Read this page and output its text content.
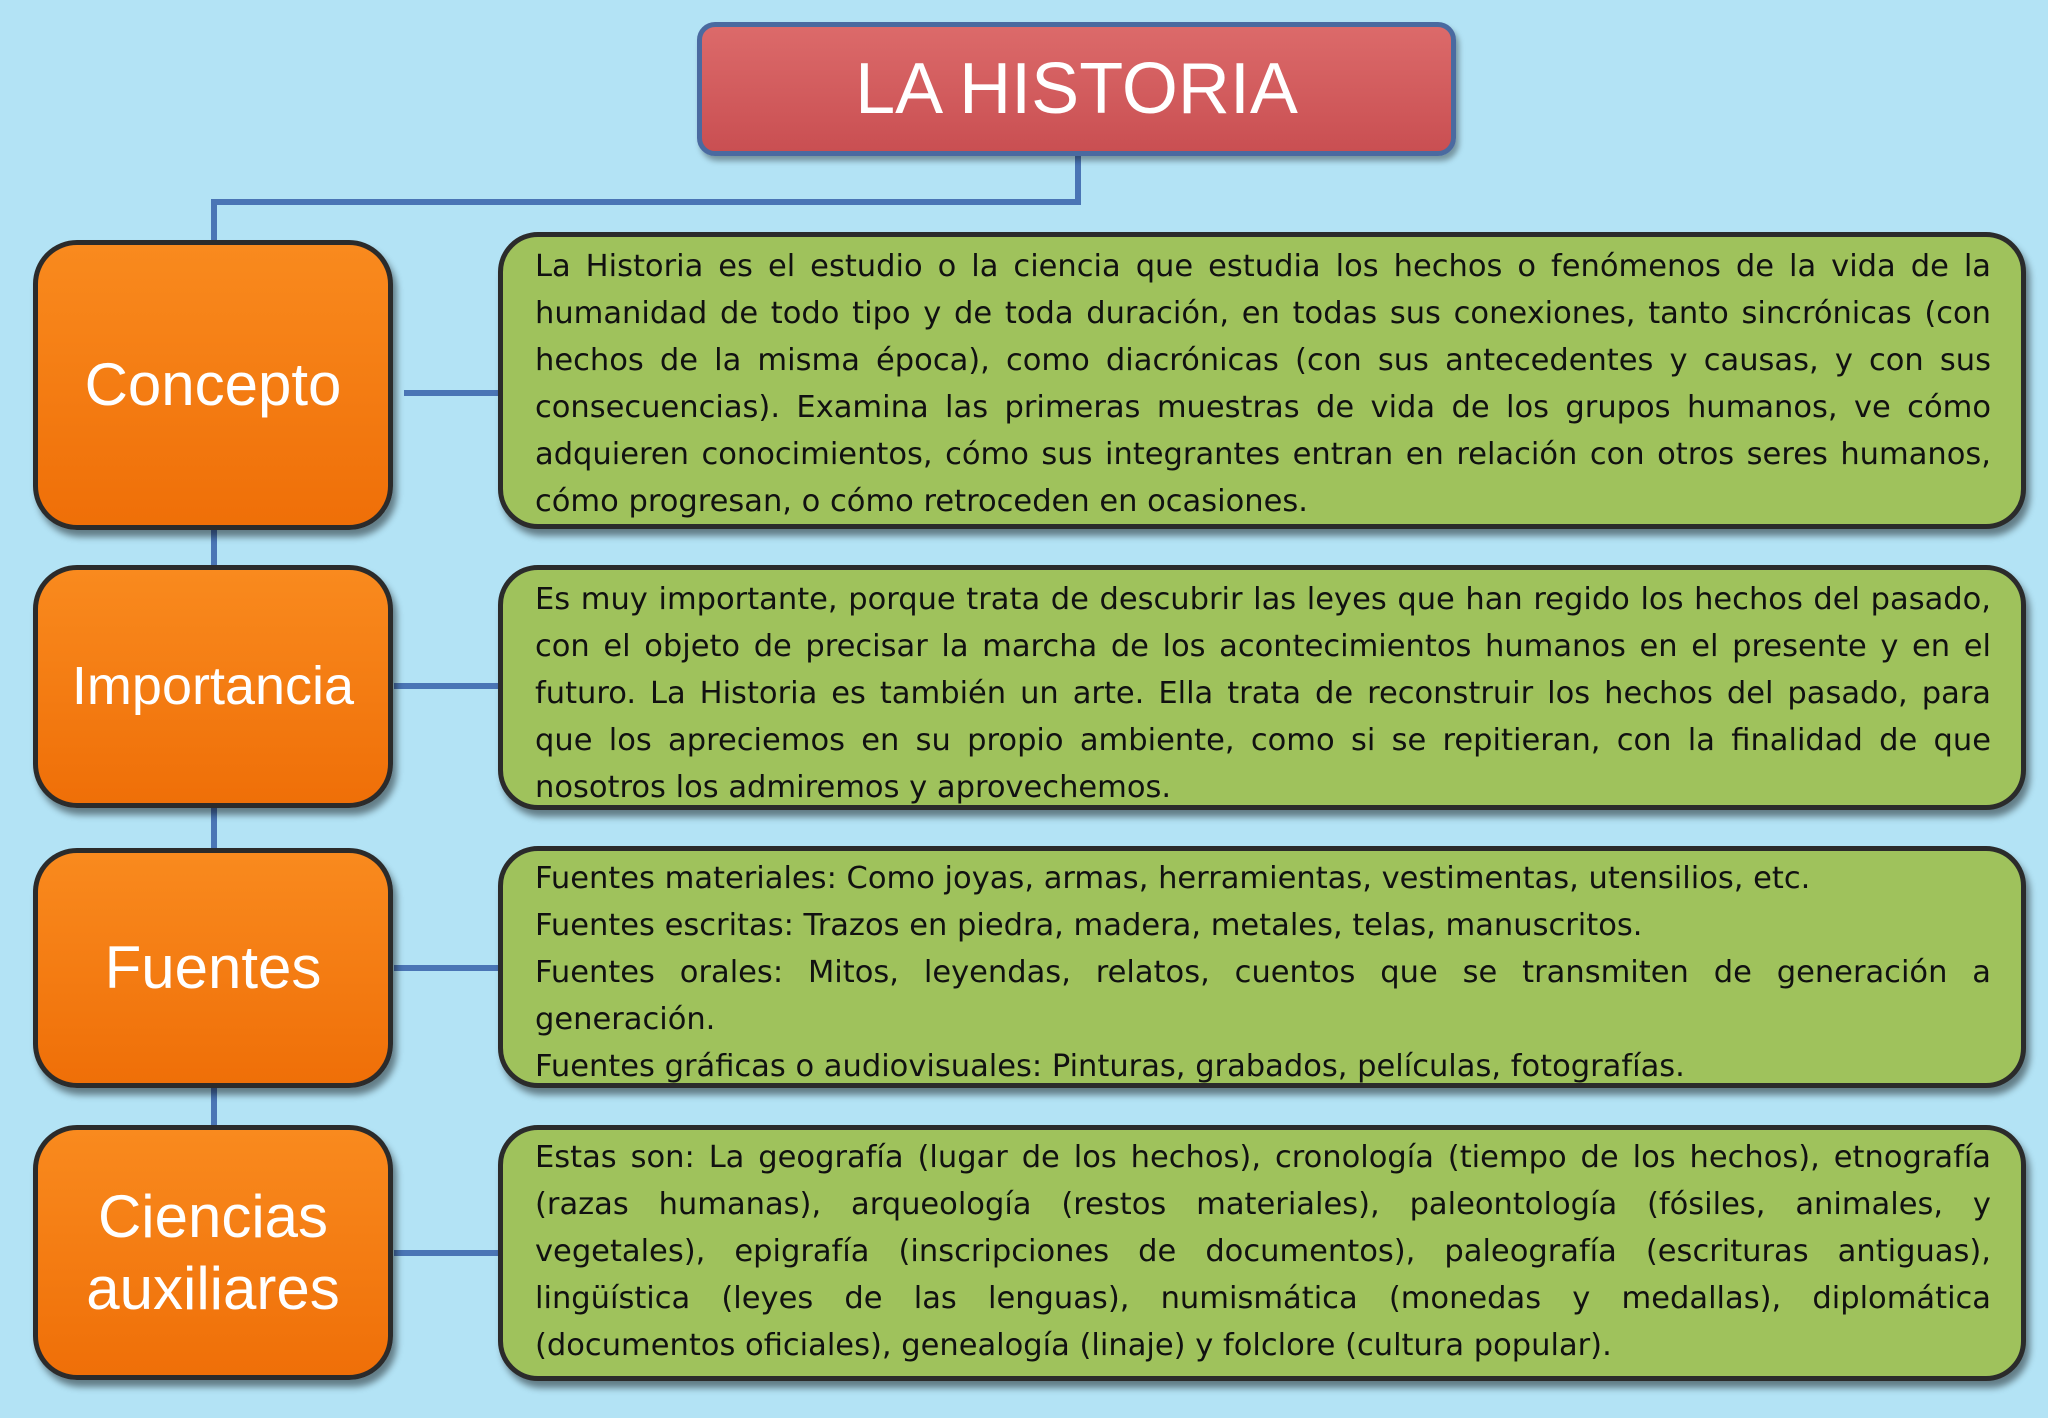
LA HISTORIA
Concepto

La Historia es el estudio o la ciencia que estudia los hechos o fenómenos de la vida de la humanidad de todo tipo y de toda duración, en todas sus conexiones, tanto sincrónicas (con hechos de la misma época), como diacrónicas (con sus antecedentes y causas, y con sus consecuencias). Examina las primeras muestras de vida de los grupos humanos, ve cómo adquieren conocimientos, cómo sus integrantes entran en relación con otros seres humanos, cómo progresan, o cómo retroceden en ocasiones.

Importancia

Es muy importante, porque trata de descubrir las leyes que han regido los hechos del pasado, con el objeto de precisar la marcha de los acontecimientos humanos en el presente y en el futuro. La Historia es también un arte. Ella trata de reconstruir los hechos del pasado, para que los apreciemos en su propio ambiente, como si se repitieran, con la finalidad de que nosotros los admiremos y aprovechemos.

Fuentes

Fuentes materiales: Como joyas, armas, herramientas, vestimentas, utensilios, etc.

Fuentes escritas: Trazos en piedra, madera, metales, telas, manuscritos.

Fuentes orales: Mitos, leyendas, relatos, cuentos que se transmiten de generación a generación.

Fuentes gráficas o audiovisuales: Pinturas, grabados, películas, fotografías.

Ciencias
auxiliares

Estas son: La geografía (lugar de los hechos), cronología (tiempo de los hechos), etnografía (razas humanas), arqueología (restos materiales), paleontología (fósiles, animales, y vegetales), epigrafía (inscripciones de documentos), paleografía (escrituras antiguas), lingüística (leyes de las lenguas), numismática (monedas y medallas), diplomática (documentos oficiales), genealogía (linaje) y folclore (cultura popular).
